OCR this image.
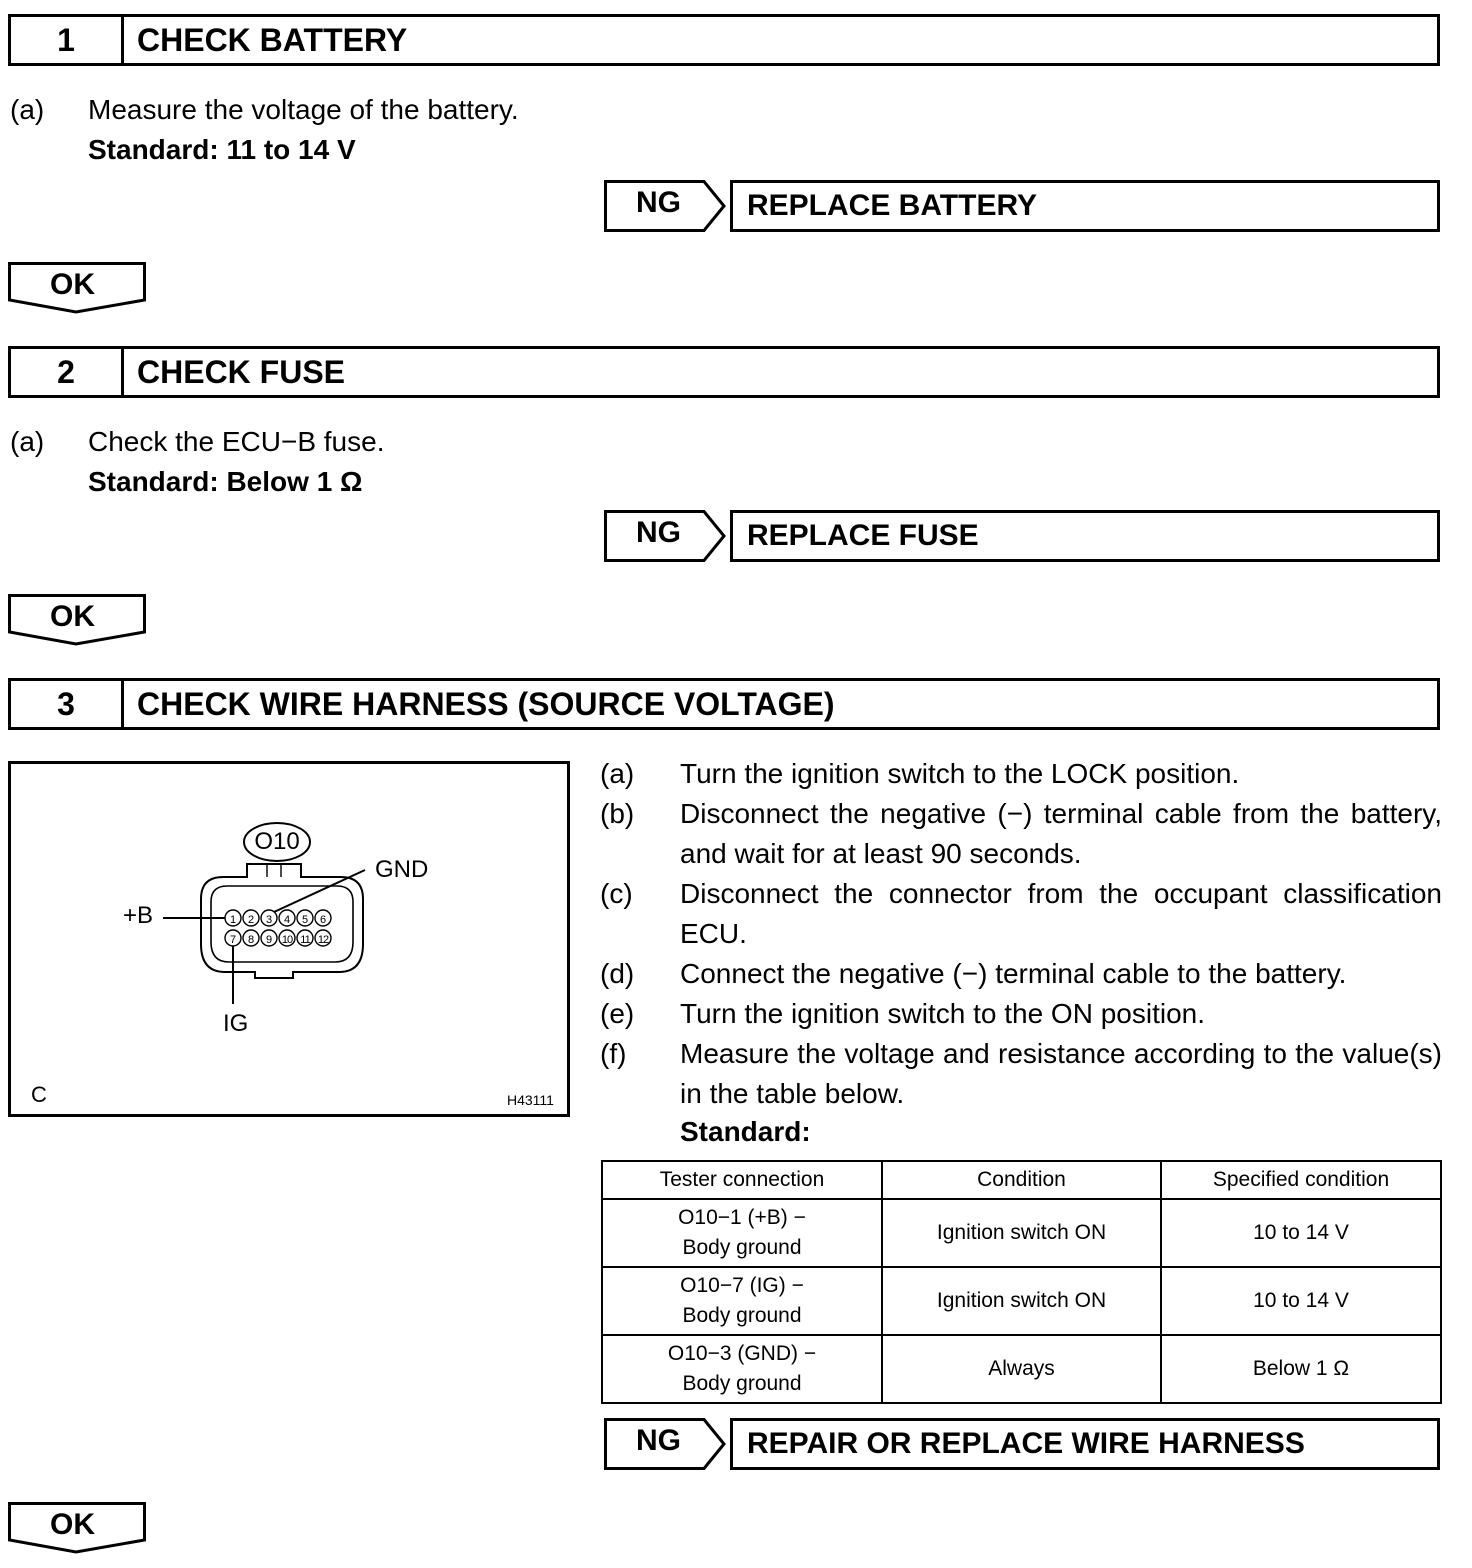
1	CHECK BATTERY
(a) Measure the voltage of the battery.
Standard: 11 to 14 V
NG	REPLACE BATTERY
OK
2	CHECK FUSE
(a) Check the ECU−B fuse.
Standard: Below 1 Ω
NG	REPLACE FUSE
OK
3	CHECK WIRE HARNESS (SOURCE VOLTAGE)
O10
+B
GND
IG
1	2	3	4	5	6
7	8	9 10 11 12
C	H43111
(a) Turn the ignition switch to the LOCK position.
(b) Disconnect the negative (−) terminal cable from the battery, and wait for at least 90 seconds.
(c) Disconnect the connector from the occupant classification ECU.
(d) Connect the negative (−) terminal cable to the battery.
(e) Turn the ignition switch to the ON position.
(f) Measure the voltage and resistance according to the value(s) in the table below.
Standard:
Tester connection	Condition	Specified condition

O10−1 (+B) −
Body ground	Ignition switch ON	10 to 14 V

O10−7 (IG) −
Body ground	Ignition switch ON	10 to 14 V

O10−3 (GND) −
Body ground	Always	Below 1 Ω
NG	REPAIR OR REPLACE WIRE HARNESS
OK
